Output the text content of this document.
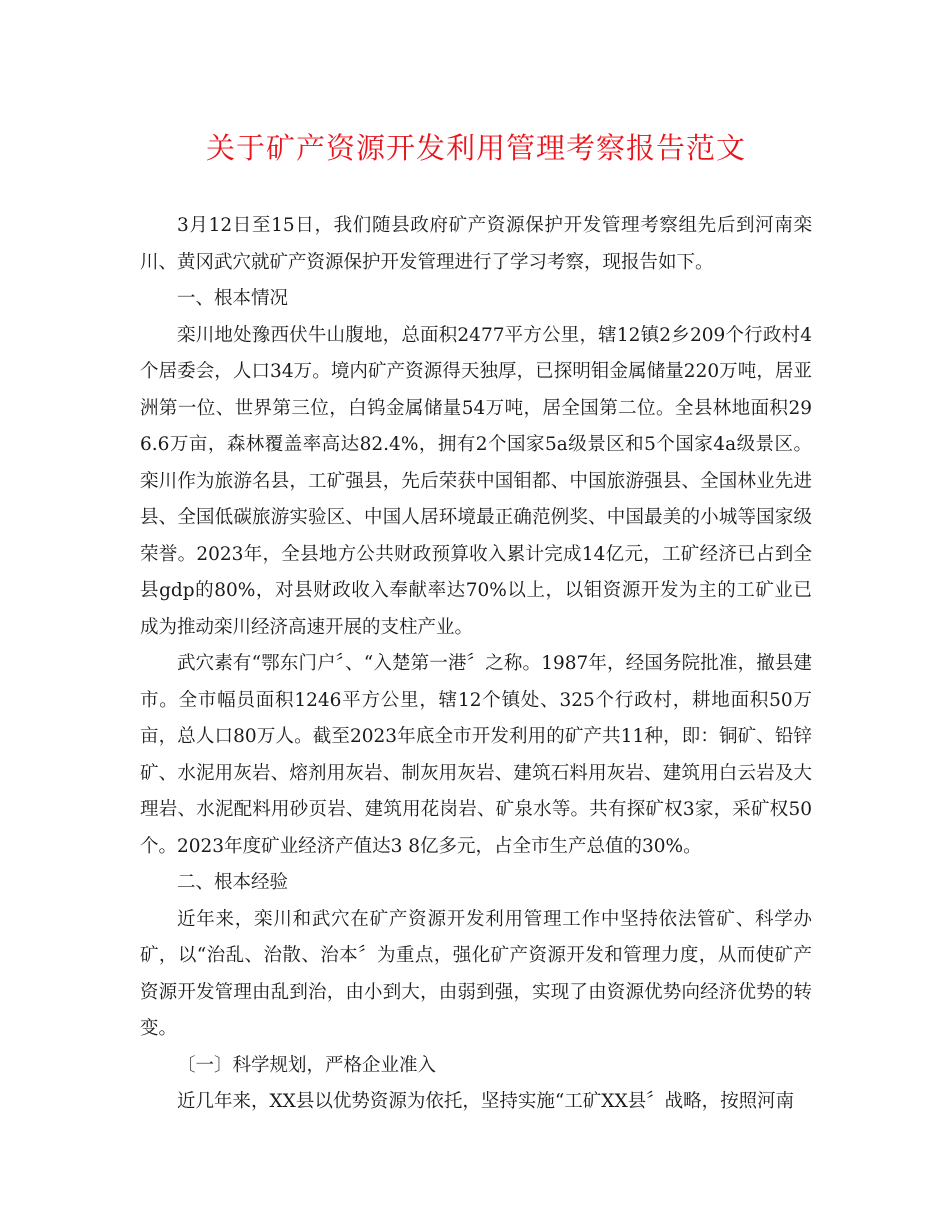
关于矿产资源开发利用管理考察报告范文

3月12日至15日，我们随县政府矿产资源保护开发管理考察组先后到河南栾川、黄冈武穴就矿产资源保护开发管理进行了学习考察，现报告如下。

一、根本情况

栾川地处豫西伏牛山腹地，总面积2477平方公里，辖12镇2乡209个行政村4个居委会，人口34万。境内矿产资源得天独厚，已探明钼金属储量220万吨，居亚洲第一位、世界第三位，白钨金属储量54万吨，居全国第二位。全县林地面积296.6万亩，森林覆盖率高达82.4%，拥有2个国家5a级景区和5个国家4a级景区。栾川作为旅游名县，工矿强县，先后荣获中国钼都、中国旅游强县、全国林业先进县、全国低碳旅游实验区、中国人居环境最正确范例奖、中国最美的小城等国家级荣誉。2023年，全县地方公共财政预算收入累计完成14亿元，工矿经济已占到全县gdp的80%，对县财政收入奉献率达70%以上，以钼资源开发为主的工矿业已成为推动栾川经济高速开展的支柱产业。

武穴素有“鄂东门户〞、“入楚第一港〞之称。1987年，经国务院批准，撤县建市。全市幅员面积1246平方公里，辖12个镇处、325个行政村，耕地面积50万亩，总人口80万人。截至2023年底全市开发利用的矿产共11种，即：铜矿、铅锌矿、水泥用灰岩、熔剂用灰岩、制灰用灰岩、建筑石料用灰岩、建筑用白云岩及大理岩、水泥配料用砂页岩、建筑用花岗岩、矿泉水等。共有探矿权3家，采矿权50个。2023年度矿业经济产值达3 8亿多元，占全市生产总值的30%。

二、根本经验

近年来，栾川和武穴在矿产资源开发利用管理工作中坚持依法管矿、科学办矿，以“治乱、治散、治本〞为重点，强化矿产资源开发和管理力度，从而使矿产资源开发管理由乱到治，由小到大，由弱到强，实现了由资源优势向经济优势的转变。

〔一〕科学规划，严格企业准入

近几年来，XX县以优势资源为依托，坚持实施“工矿XX县〞战略，按照河南
